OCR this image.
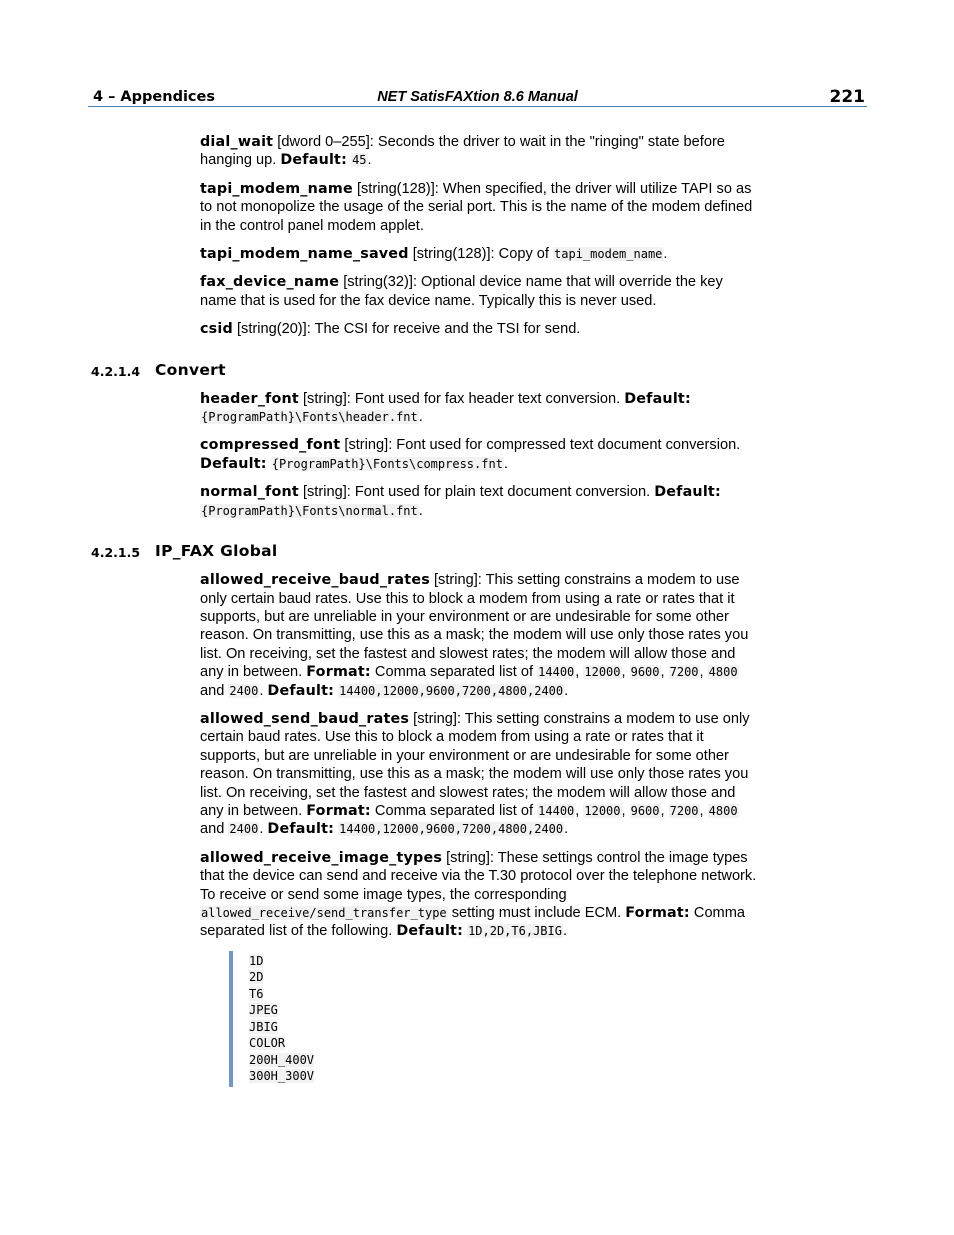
4 – Appendices	NET SatisFAXtion 8.6 Manual	221

dial_wait [dword 0–255]: Seconds the driver to wait in the "ringing" state before hanging up. Default: 45.

tapi_modem_name [string(128)]: When specified, the driver will utilize TAPI so as to not monopolize the usage of the serial port. This is the name of the modem defined in the control panel modem applet.

tapi_modem_name_saved [string(128)]: Copy of tapi_modem_name.

fax_device_name [string(32)]: Optional device name that will override the key name that is used for the fax device name. Typically this is never used.

csid [string(20)]: The CSI for receive and the TSI for send.

4.2.1.4 Convert

header_font [string]: Font used for fax header text conversion. Default: {ProgramPath}\Fonts\header.fnt.

compressed_font [string]: Font used for compressed text document conversion. Default: {ProgramPath}\Fonts\compress.fnt.

normal_font [string]: Font used for plain text document conversion. Default: {ProgramPath}\Fonts\normal.fnt.

4.2.1.5 IP_FAX Global

allowed_receive_baud_rates [string]: This setting constrains a modem to use only certain baud rates. Use this to block a modem from using a rate or rates that it supports, but are unreliable in your environment or are undesirable for some other reason. On transmitting, use this as a mask; the modem will use only those rates you list. On receiving, set the fastest and slowest rates; the modem will allow those and any in between. Format: Comma separated list of 14400, 12000, 9600, 7200, 4800 and 2400. Default: 14400,12000,9600,7200,4800,2400.

allowed_send_baud_rates [string]: This setting constrains a modem to use only certain baud rates. Use this to block a modem from using a rate or rates that it supports, but are unreliable in your environment or are undesirable for some other reason. On transmitting, use this as a mask; the modem will use only those rates you list. On receiving, set the fastest and slowest rates; the modem will allow those and any in between. Format: Comma separated list of 14400, 12000, 9600, 7200, 4800 and 2400. Default: 14400,12000,9600,7200,4800,2400.

allowed_receive_image_types [string]: These settings control the image types that the device can send and receive via the T.30 protocol over the telephone network. To receive or send some image types, the corresponding allowed_receive/send_transfer_type setting must include ECM. Format: Comma separated list of the following. Default: 1D,2D,T6,JBIG.

1D
2D
T6
JPEG
JBIG
COLOR
200H_400V
300H_300V
